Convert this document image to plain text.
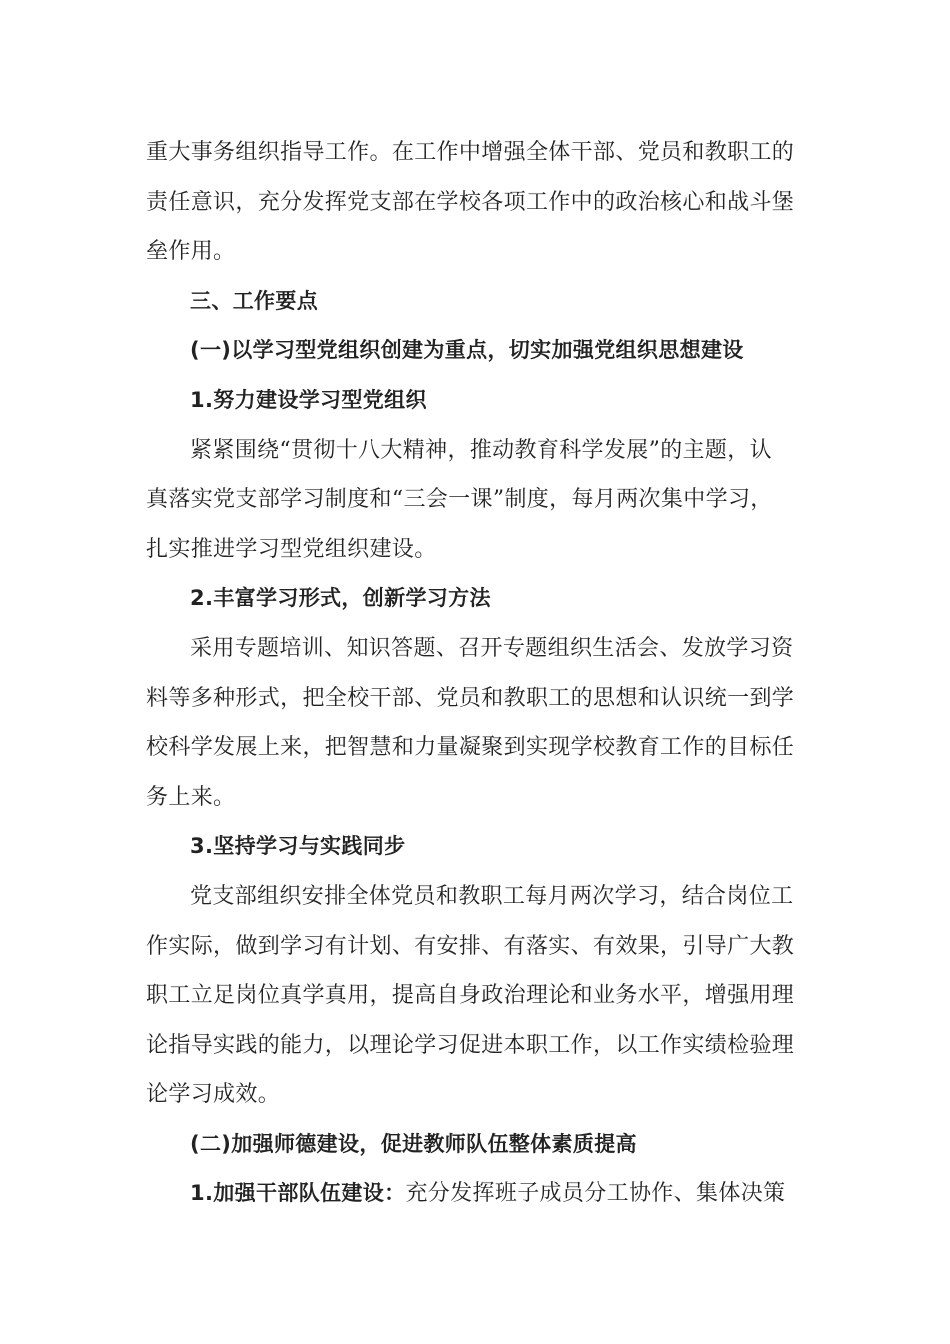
重大事务组织指导工作。在工作中增强全体干部、党员和教职工的
责任意识，充分发挥党支部在学校各项工作中的政治核心和战斗堡
垒作用。
三、工作要点
(一)以学习型党组织创建为重点，切实加强党组织思想建设
1.努力建设学习型党组织
紧紧围绕“贯彻十八大精神，推动教育科学发展”的主题，认
真落实党支部学习制度和“三会一课”制度，每月两次集中学习，
扎实推进学习型党组织建设。
2.丰富学习形式，创新学习方法
采用专题培训、知识答题、召开专题组织生活会、发放学习资
料等多种形式，把全校干部、党员和教职工的思想和认识统一到学
校科学发展上来，把智慧和力量凝聚到实现学校教育工作的目标任
务上来。
3.坚持学习与实践同步
党支部组织安排全体党员和教职工每月两次学习，结合岗位工
作实际，做到学习有计划、有安排、有落实、有效果，引导广大教
职工立足岗位真学真用，提高自身政治理论和业务水平，增强用理
论指导实践的能力，以理论学习促进本职工作，以工作实绩检验理
论学习成效。
(二)加强师德建设，促进教师队伍整体素质提高
1.加强干部队伍建设：充分发挥班子成员分工协作、集体决策
